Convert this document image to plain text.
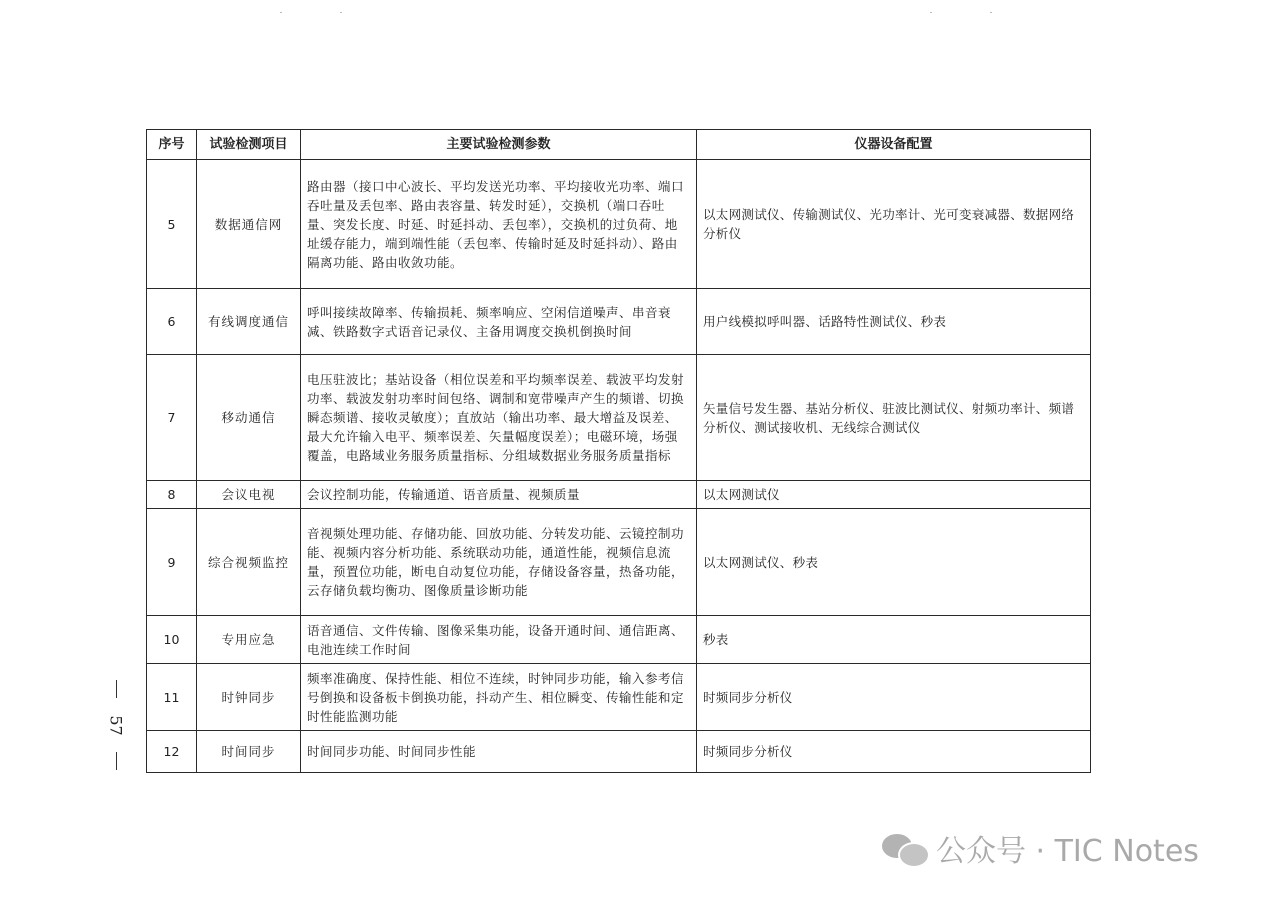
序号	试验检测项目	主要试验检测参数	仪器设备配置
5	数据通信网	路由器（接口中心波长、平均发送光功率、平均接收光功率、端口吞吐量及丢包率、路由表容量、转发时延），交换机（端口吞吐量、突发长度、时延、时延抖动、丢包率），交换机的过负荷、地址缓存能力，端到端性能（丢包率、传输时延及时延抖动）、路由隔离功能、路由收敛功能。	以太网测试仪、传输测试仪、光功率计、光可变衰减器、数据网络分析仪
6	有线调度通信	呼叫接续故障率、传输损耗、频率响应、空闲信道噪声、串音衰减、铁路数字式语音记录仪、主备用调度交换机倒换时间	用户线模拟呼叫器、话路特性测试仪、秒表
7	移动通信	电压驻波比；基站设备（相位误差和平均频率误差、载波平均发射功率、载波发射功率时间包络、调制和宽带噪声产生的频谱、切换瞬态频谱、接收灵敏度）；直放站（输出功率、最大增益及误差、最大允许输入电平、频率误差、矢量幅度误差）；电磁环境，场强覆盖，电路域业务服务质量指标、分组域数据业务服务质量指标	矢量信号发生器、基站分析仪、驻波比测试仪、射频功率计、频谱分析仪、测试接收机、无线综合测试仪
8	会议电视	会议控制功能，传输通道、语音质量、视频质量	以太网测试仪
9	综合视频监控	音视频处理功能、存储功能、回放功能、分转发功能、云镜控制功能、视频内容分析功能、系统联动功能，通道性能，视频信息流量，预置位功能，断电自动复位功能，存储设备容量，热备功能，云存储负载均衡功、图像质量诊断功能	以太网测试仪、秒表
10	专用应急	语音通信、文件传输、图像采集功能，设备开通时间、通信距离、电池连续工作时间	秒表
11	时钟同步	频率准确度、保持性能、相位不连续，时钟同步功能，输入参考信号倒换和设备板卡倒换功能，抖动产生、相位瞬变、传输性能和定时性能监测功能	时频同步分析仪
12	时间同步	时间同步功能、时间同步性能	时频同步分析仪
57
公众号 · TIC Notes
